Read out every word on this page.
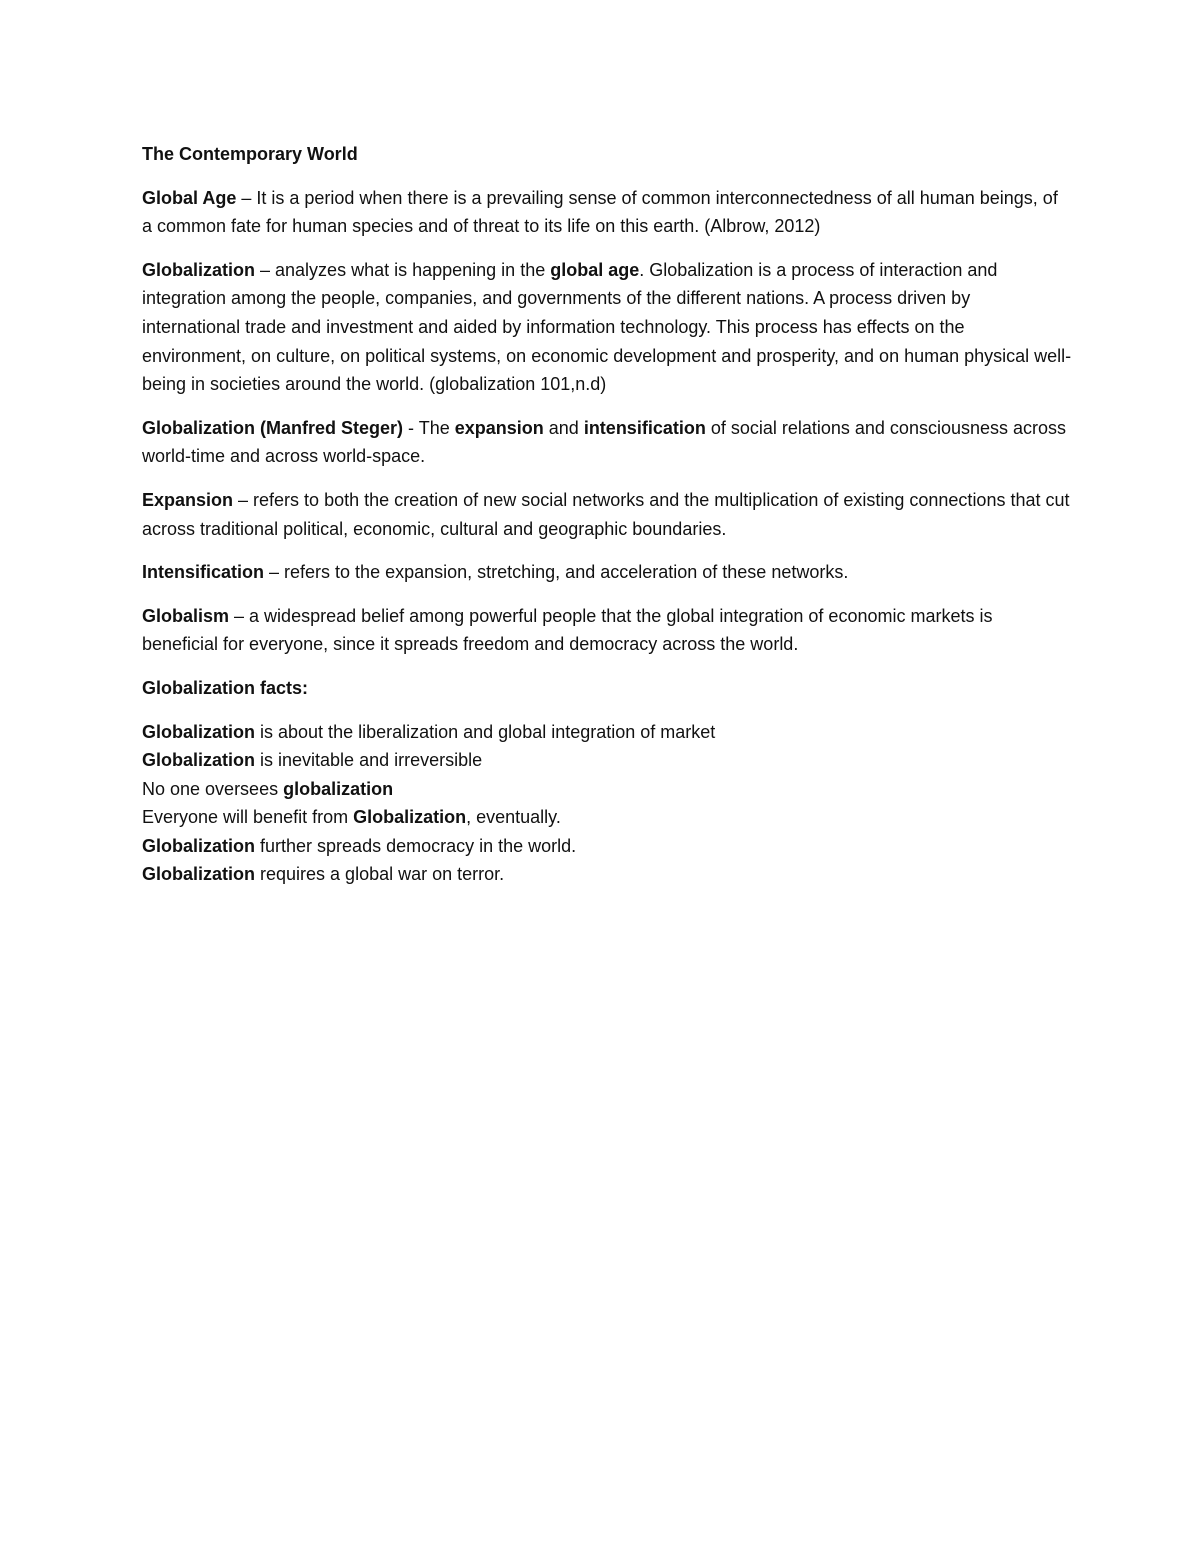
The Contemporary World

Global Age – It is a period when there is a prevailing sense of common interconnectedness of all human beings, of a common fate for human species and of threat to its life on this earth. (Albrow, 2012)

Globalization – analyzes what is happening in the global age. Globalization is a process of interaction and integration among the people, companies, and governments of the different nations. A process driven by international trade and investment and aided by information technology. This process has effects on the environment, on culture, on political systems, on economic development and prosperity, and on human physical well-being in societies around the world. (globalization 101,n.d)

Globalization (Manfred Steger) - The expansion and intensification of social relations and consciousness across world-time and across world-space.

Expansion – refers to both the creation of new social networks and the multiplication of existing connections that cut across traditional political, economic, cultural and geographic boundaries.

Intensification – refers to the expansion, stretching, and acceleration of these networks.

Globalism – a widespread belief among powerful people that the global integration of economic markets is beneficial for everyone, since it spreads freedom and democracy across the world.

Globalization facts:

Globalization is about the liberalization and global integration of market
Globalization is inevitable and irreversible
No one oversees globalization
Everyone will benefit from Globalization, eventually.
Globalization further spreads democracy in the world.
Globalization requires a global war on terror.
